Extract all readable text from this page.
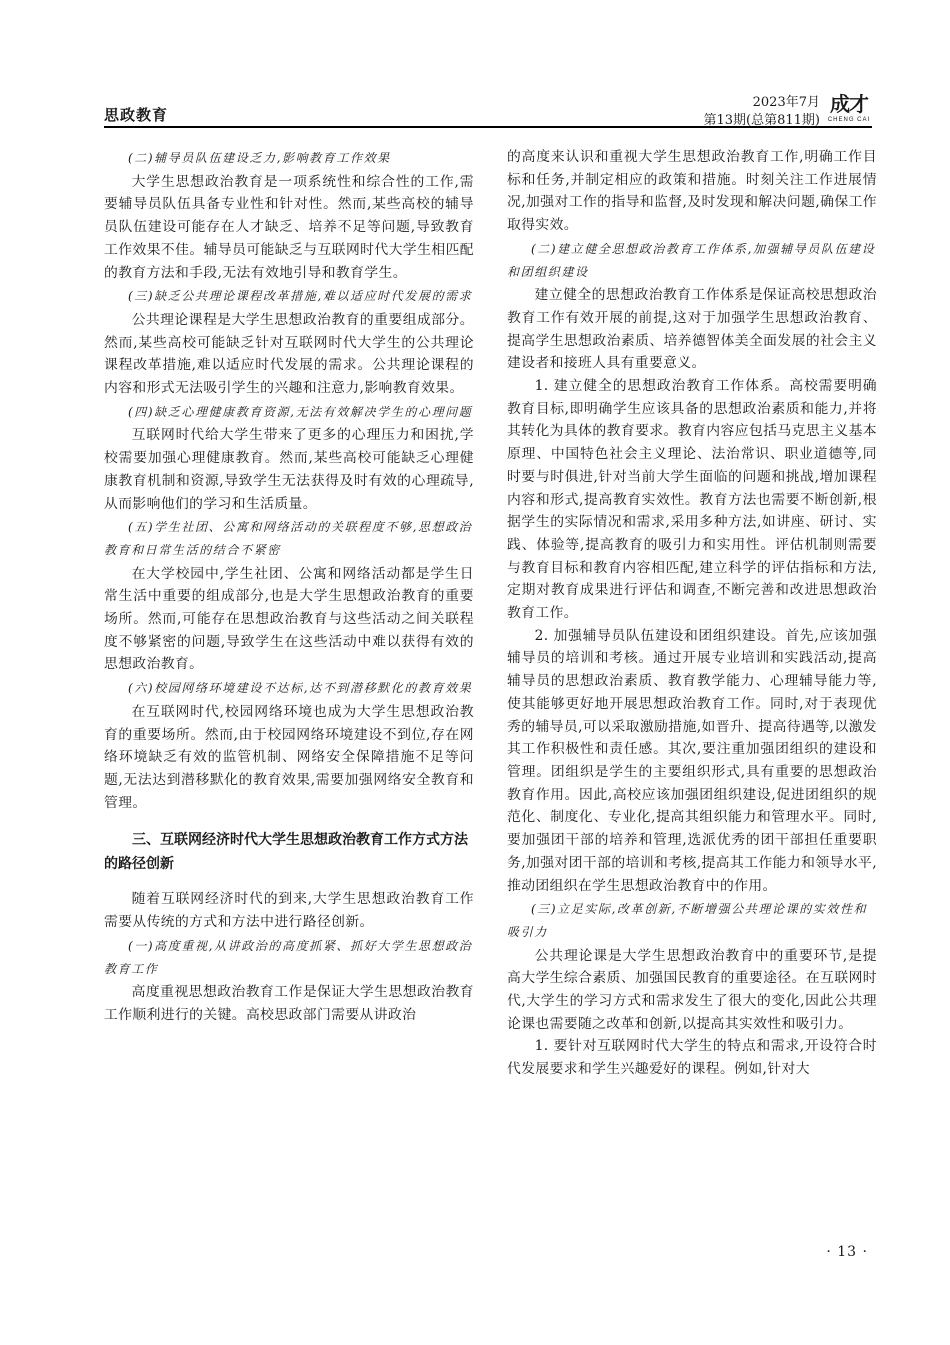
思政教育
2023年7月
第13期(总第811期)
成才
CHENG CAI

(二)辅导员队伍建设乏力,影响教育工作效果

大学生思想政治教育是一项系统性和综合性的工作,需要辅导员队伍具备专业性和针对性。然而,某些高校的辅导员队伍建设可能存在人才缺乏、培养不足等问题,导致教育工作效果不佳。辅导员可能缺乏与互联网时代大学生相匹配的教育方法和手段,无法有效地引导和教育学生。

(三)缺乏公共理论课程改革措施,难以适应时代发展的需求

公共理论课程是大学生思想政治教育的重要组成部分。然而,某些高校可能缺乏针对互联网时代大学生的公共理论课程改革措施,难以适应时代发展的需求。公共理论课程的内容和形式无法吸引学生的兴趣和注意力,影响教育效果。

(四)缺乏心理健康教育资源,无法有效解决学生的心理问题

互联网时代给大学生带来了更多的心理压力和困扰,学校需要加强心理健康教育。然而,某些高校可能缺乏心理健康教育机制和资源,导致学生无法获得及时有效的心理疏导,从而影响他们的学习和生活质量。

(五)学生社团、公寓和网络活动的关联程度不够,思想政治教育和日常生活的结合不紧密

在大学校园中,学生社团、公寓和网络活动都是学生日常生活中重要的组成部分,也是大学生思想政治教育的重要场所。然而,可能存在思想政治教育与这些活动之间关联程度不够紧密的问题,导致学生在这些活动中难以获得有效的思想政治教育。

(六)校园网络环境建设不达标,达不到潜移默化的教育效果

在互联网时代,校园网络环境也成为大学生思想政治教育的重要场所。然而,由于校园网络环境建设不到位,存在网络环境缺乏有效的监管机制、网络安全保障措施不足等问题,无法达到潜移默化的教育效果,需要加强网络安全教育和管理。

三、互联网经济时代大学生思想政治教育工作方式方法的路径创新

随着互联网经济时代的到来,大学生思想政治教育工作需要从传统的方式和方法中进行路径创新。

(一)高度重视,从讲政治的高度抓紧、抓好大学生思想政治教育工作

高度重视思想政治教育工作是保证大学生思想政治教育工作顺利进行的关键。高校思政部门需要从讲政治

的高度来认识和重视大学生思想政治教育工作,明确工作目标和任务,并制定相应的政策和措施。时刻关注工作进展情况,加强对工作的指导和监督,及时发现和解决问题,确保工作取得实效。

(二)建立健全思想政治教育工作体系,加强辅导员队伍建设和团组织建设

建立健全的思想政治教育工作体系是保证高校思想政治教育工作有效开展的前提,这对于加强学生思想政治教育、提高学生思想政治素质、培养德智体美全面发展的社会主义建设者和接班人具有重要意义。

1. 建立健全的思想政治教育工作体系。高校需要明确教育目标,即明确学生应该具备的思想政治素质和能力,并将其转化为具体的教育要求。教育内容应包括马克思主义基本原理、中国特色社会主义理论、法治常识、职业道德等,同时要与时俱进,针对当前大学生面临的问题和挑战,增加课程内容和形式,提高教育实效性。教育方法也需要不断创新,根据学生的实际情况和需求,采用多种方法,如讲座、研讨、实践、体验等,提高教育的吸引力和实用性。评估机制则需要与教育目标和教育内容相匹配,建立科学的评估指标和方法,定期对教育成果进行评估和调查,不断完善和改进思想政治教育工作。

2. 加强辅导员队伍建设和团组织建设。首先,应该加强辅导员的培训和考核。通过开展专业培训和实践活动,提高辅导员的思想政治素质、教育教学能力、心理辅导能力等,使其能够更好地开展思想政治教育工作。同时,对于表现优秀的辅导员,可以采取激励措施,如晋升、提高待遇等,以激发其工作积极性和责任感。其次,要注重加强团组织的建设和管理。团组织是学生的主要组织形式,具有重要的思想政治教育作用。因此,高校应该加强团组织建设,促进团组织的规范化、制度化、专业化,提高其组织能力和管理水平。同时,要加强团干部的培养和管理,选派优秀的团干部担任重要职务,加强对团干部的培训和考核,提高其工作能力和领导水平,推动团组织在学生思想政治教育中的作用。

(三)立足实际,改革创新,不断增强公共理论课的实效性和吸引力

公共理论课是大学生思想政治教育中的重要环节,是提高大学生综合素质、加强国民教育的重要途径。在互联网时代,大学生的学习方式和需求发生了很大的变化,因此公共理论课也需要随之改革和创新,以提高其实效性和吸引力。

1. 要针对互联网时代大学生的特点和需求,开设符合时代发展要求和学生兴趣爱好的课程。例如,针对大

· 13 ·
